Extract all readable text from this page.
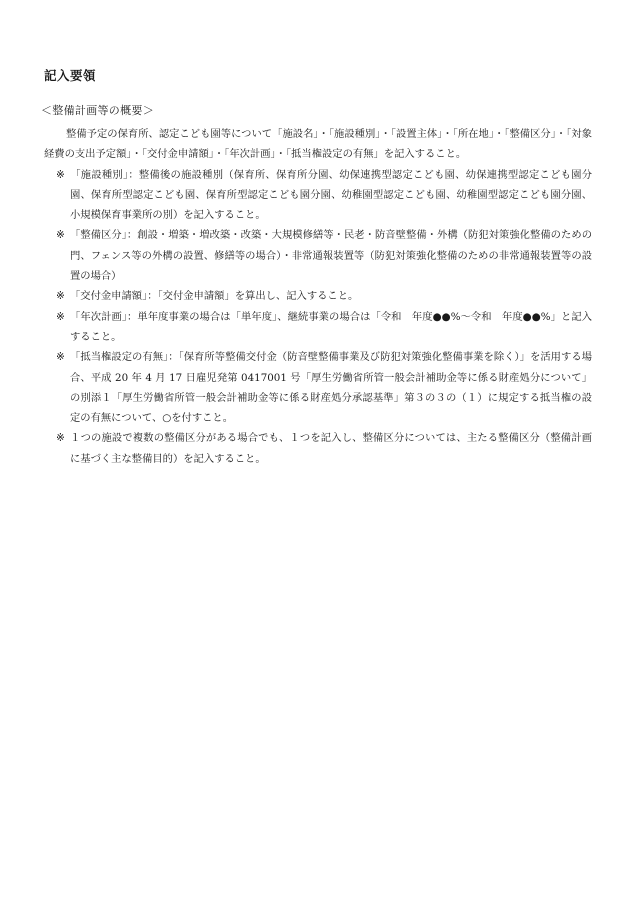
記入要領
＜整備計画等の概要＞

整備予定の保育所、認定こども園等について「施設名」・「施設種別」・「設置主体」・「所在地」・「整備区分」・「対象経費の支出予定額」・「交付金申請額」・「年次計画」・「抵当権設定の有無」を記入すること。

※ 「施設種別」：整備後の施設種別（保育所、保育所分園、幼保連携型認定こども園、幼保連携型認定こども園分園、保育所型認定こども園、保育所型認定こども園分園、幼稚園型認定こども園、幼稚園型認定こども園分園、小規模保育事業所の別）を記入すること。

※ 「整備区分」：創設・増築・増改築・改築・大規模修繕等・民老・防音壁整備・外構（防犯対策強化整備のための門、フェンス等の外構の設置、修繕等の場合）・非常通報装置等（防犯対策強化整備のための非常通報装置等の設置の場合）

※ 「交付金申請額」：「交付金申請額」を算出し、記入すること。

※ 「年次計画」：単年度事業の場合は「単年度」、継続事業の場合は「令和　年度●●%～令和　年度●●%」と記入すること。

※ 「抵当権設定の有無」：「保育所等整備交付金（防音壁整備事業及び防犯対策強化整備事業を除く）」を活用する場合、平成 20 年 4 月 17 日雇児発第 0417001 号「厚生労働省所管一般会計補助金等に係る財産処分について」の別添１「厚生労働省所管一般会計補助金等に係る財産処分承認基準」第３の３の（１）に規定する抵当権の設定の有無について、○を付すこと。

※ １つの施設で複数の整備区分がある場合でも、１つを記入し、整備区分については、主たる整備区分（整備計画に基づく主な整備目的）を記入すること。
